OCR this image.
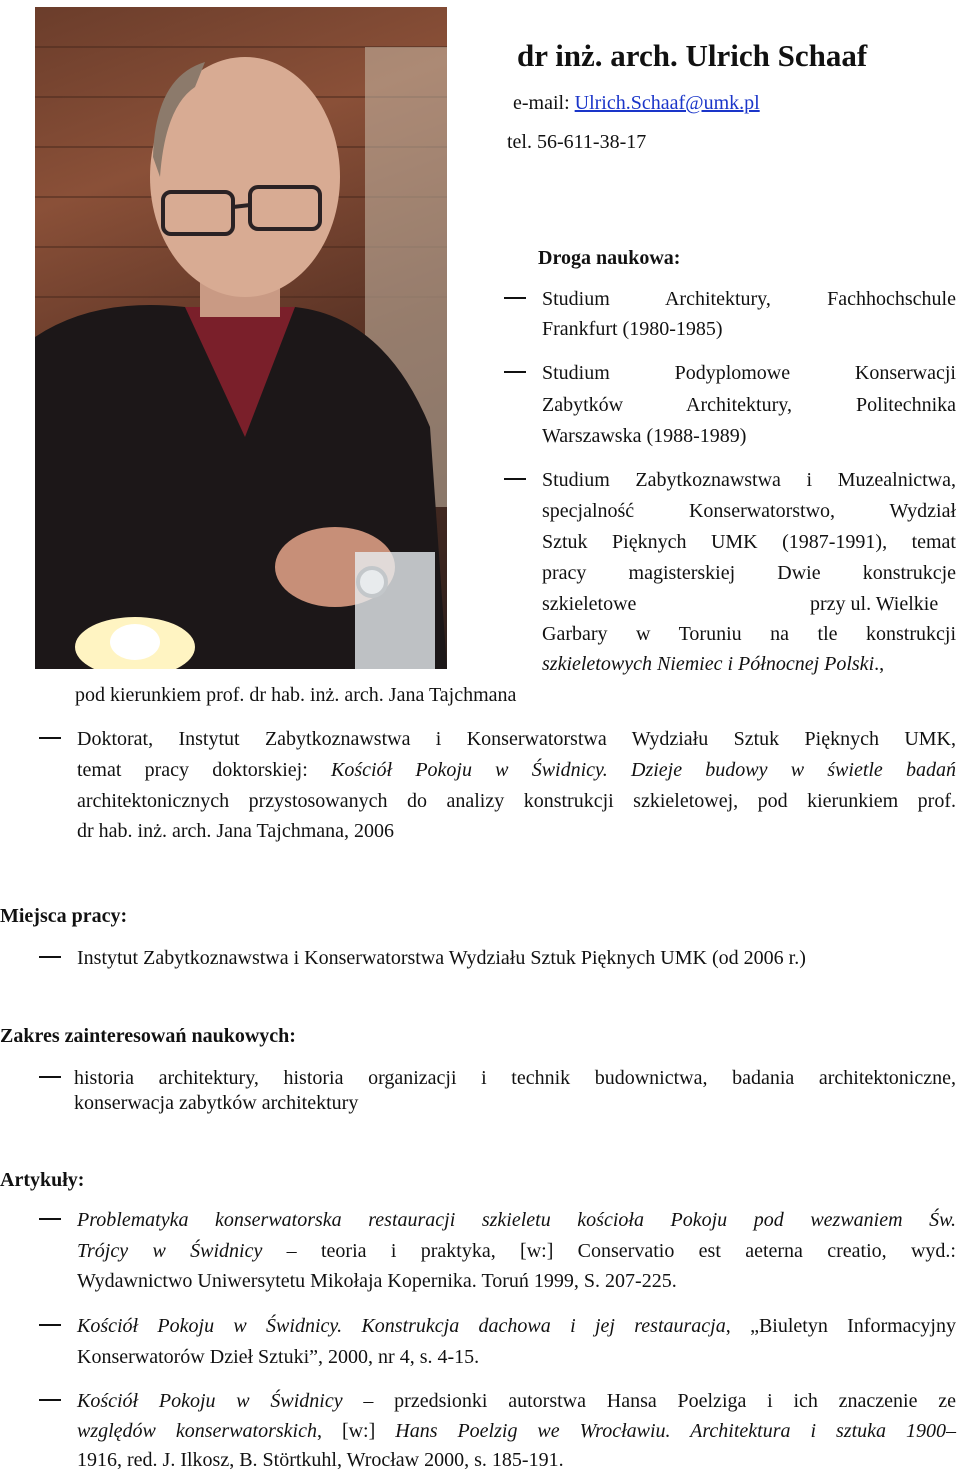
dr inż. arch. Ulrich Schaaf
e-mail: Ulrich.Schaaf@umk.pl
tel. 56-611-38-17
Droga naukowa:
Studium Architektury, Fachhochschule
Frankfurt (1980-1985)
Studium Podyplomowe Konserwacji
Zabytków Architektury, Politechnika
Warszawska (1988-1989)
Studium Zabytkoznawstwa i Muzealnictwa,
specjalność Konserwatorstwo, Wydział
Sztuk Pięknych UMK (1987-1991), temat
pracy magisterskiej Dwie konstrukcje
szkieletowe	przy ul. Wielkie
Garbary w Toruniu na tle konstrukcji
szkieletowych Niemiec i Północnej Polski.,
pod kierunkiem prof. dr hab. inż. arch. Jana Tajchmana
Doktorat, Instytut Zabytkoznawstwa i Konserwatorstwa Wydziału Sztuk Pięknych UMK,
temat pracy doktorskiej: Kościół Pokoju w Świdnicy. Dzieje budowy w świetle badań
architektonicznych przystosowanych do analizy konstrukcji szkieletowej, pod kierunkiem prof.
dr hab. inż. arch. Jana Tajchmana, 2006
Miejsca pracy:
Instytut Zabytkoznawstwa i Konserwatorstwa Wydziału Sztuk Pięknych UMK (od 2006 r.)
Zakres zainteresowań naukowych:
historia architektury, historia organizacji i technik budownictwa, badania architektoniczne,
konserwacja zabytków architektury
Artykuły:
Problematyka konserwatorska restauracji szkieletu kościoła Pokoju pod wezwaniem Św.
Trójcy w Świdnicy – teoria i praktyka, [w:] Conservatio est aeterna creatio, wyd.:
Wydawnictwo Uniwersytetu Mikołaja Kopernika. Toruń 1999, S. 207-225.
Kościół Pokoju w Świdnicy. Konstrukcja dachowa i jej restauracja, „Biuletyn Informacyjny
Konserwatorów Dzieł Sztuki”, 2000, nr 4, s. 4-15.
Kościół Pokoju w Świdnicy – przedsionki autorstwa Hansa Poelziga i ich znaczenie ze
względów konserwatorskich, [w:] Hans Poelzig we Wrocławiu. Architektura i sztuka 1900–
1916, red. J. Ilkosz, B. Störtkuhl, Wrocław 2000, s. 185-191.
